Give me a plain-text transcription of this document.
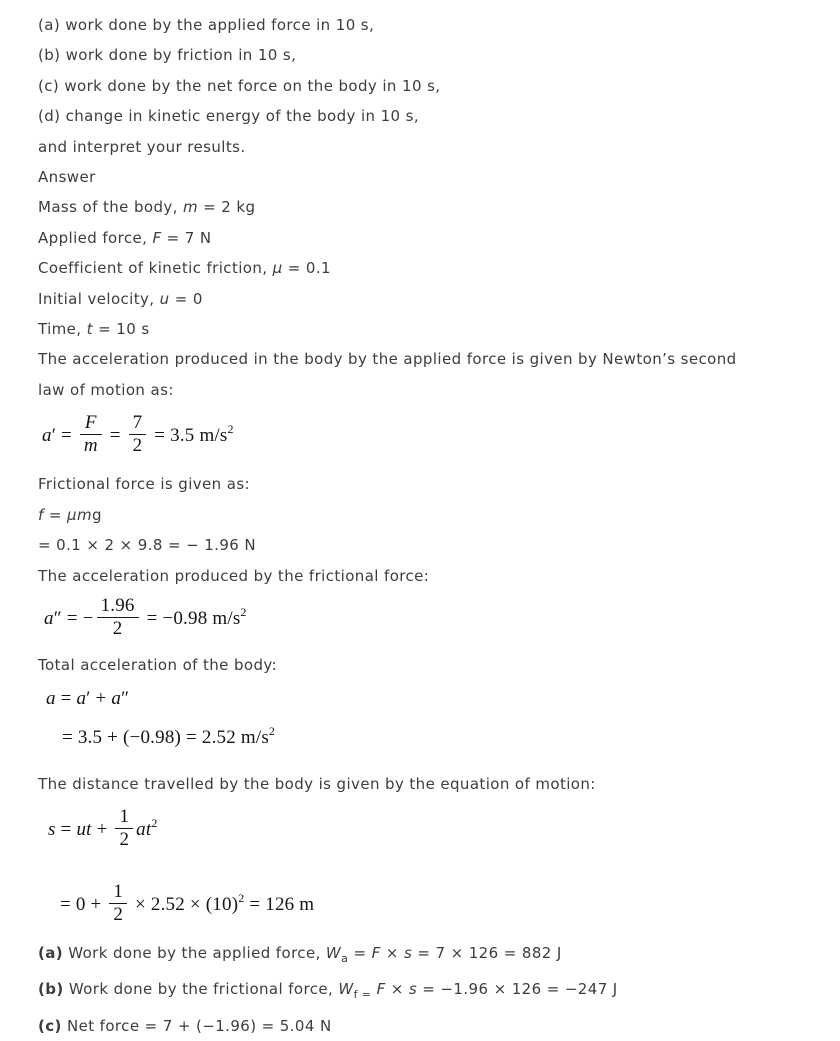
(a) work done by the applied force in 10 s,
(b) work done by friction in 10 s,
(c) work done by the net force on the body in 10 s,
(d) change in kinetic energy of the body in 10 s,
and interpret your results.
Answer
Mass of the body, m = 2 kg
Applied force, F = 7 N
Coefficient of kinetic friction, μ = 0.1
Initial velocity, u = 0
Time, t = 10 s
The acceleration produced in the body by the applied force is given by Newton’s second
law of motion as:
$a' = \frac{F}{m} = \frac{7}{2} = 3.5$ $m/s^2$
Frictional force is given as:
f = μmg
= 0.1 × 2 × 9.8 = − 1.96 N
The acceleration produced by the frictional force:
a″ = − $\frac{1.96}{2} = -0.98$ $m/s^2$
Total acceleration of the body:
a = a′ + a″
= 3.5 + (−0.98) = 2.52 $m/s^2$
The distance travelled by the body is given by the equation of motion:
s = ut + $\frac{1}{2} at^2$
= $0 + \frac{1}{2} \times 2.52 \times (10)^2 = 126$ m
(a) Work done by the applied force, $W_a = F \times s = 7 \times 126 = 882$ J
(b) Work done by the frictional force, $W_{f =}$ F × s = −1.96 × 126 = −247 J
(c) Net force = 7 + (−1.96) = 5.04 N
